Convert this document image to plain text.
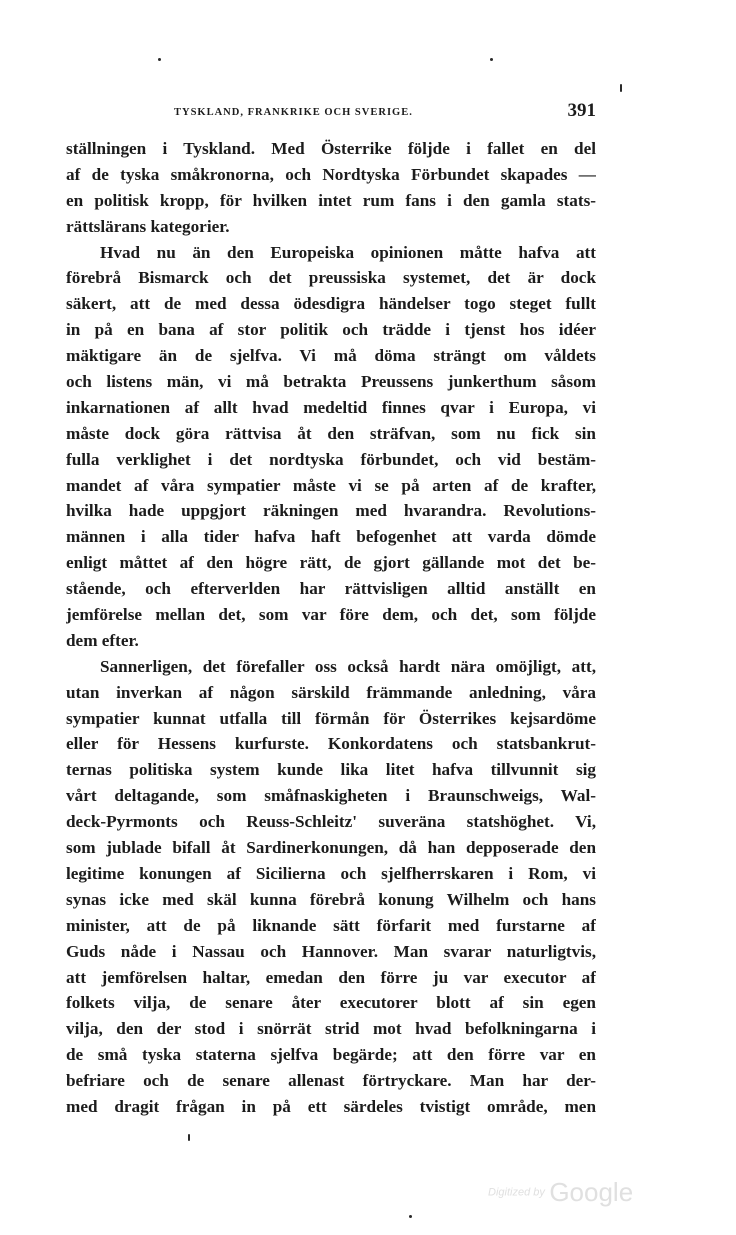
TYSKLAND, FRANKRIKE OCH SVERIGE.	391
ställningen i Tyskland. Med Österrike följde i fallet en del
af de tyska småkronorna, och Nordtyska Förbundet skapades —
en politisk kropp, för hvilken intet rum fans i den gamla stats-
rättslärans kategorier.
Hvad nu än den Europeiska opinionen måtte hafva att
förebrå Bismarck och det preussiska systemet, det är dock
säkert, att de med dessa ödesdigra händelser togo steget fullt
in på en bana af stor politik och trädde i tjenst hos idéer
mäktigare än de sjelfva. Vi må döma strängt om våldets
och listens män, vi må betrakta Preussens junkerthum såsom
inkarnationen af allt hvad medeltid finnes qvar i Europa, vi
måste dock göra rättvisa åt den sträfvan, som nu fick sin
fulla verklighet i det nordtyska förbundet, och vid bestäm-
mandet af våra sympatier måste vi se på arten af de krafter,
hvilka hade uppgjort räkningen med hvarandra. Revolutions-
männen i alla tider hafva haft befogenhet att varda dömde
enligt måttet af den högre rätt, de gjort gällande mot det be-
stående, och efterverlden har rättvisligen alltid anställt en
jemförelse mellan det, som var före dem, och det, som följde
dem efter.
Sannerligen, det förefaller oss också hardt nära omöjligt, att,
utan inverkan af någon särskild främmande anledning, våra
sympatier kunnat utfalla till förmån för Österrikes kejsardöme
eller för Hessens kurfurste. Konkordatens och statsbankrut-
ternas politiska system kunde lika litet hafva tillvunnit sig
vårt deltagande, som småfnaskigheten i Braunschweigs, Wal-
deck-Pyrmonts och Reuss-Schleitz' suveräna statshöghet. Vi,
som jublade bifall åt Sardinerkonungen, då han depposerade den
legitime konungen af Sicilierna och sjelfherrskaren i Rom, vi
synas icke med skäl kunna förebrå konung Wilhelm och hans
minister, att de på liknande sätt förfarit med furstarne af
Guds nåde i Nassau och Hannover. Man svarar naturligtvis,
att jemförelsen haltar, emedan den förre ju var executor af
folkets vilja, de senare åter executorer blott af sin egen
vilja, den der stod i snörrät strid mot hvad befolkningarna i
de små tyska staterna sjelfva begärde; att den förre var en
befriare och de senare allenast förtryckare. Man har der-
med dragit frågan in på ett särdeles tvistigt område, men
Digitized by Google
